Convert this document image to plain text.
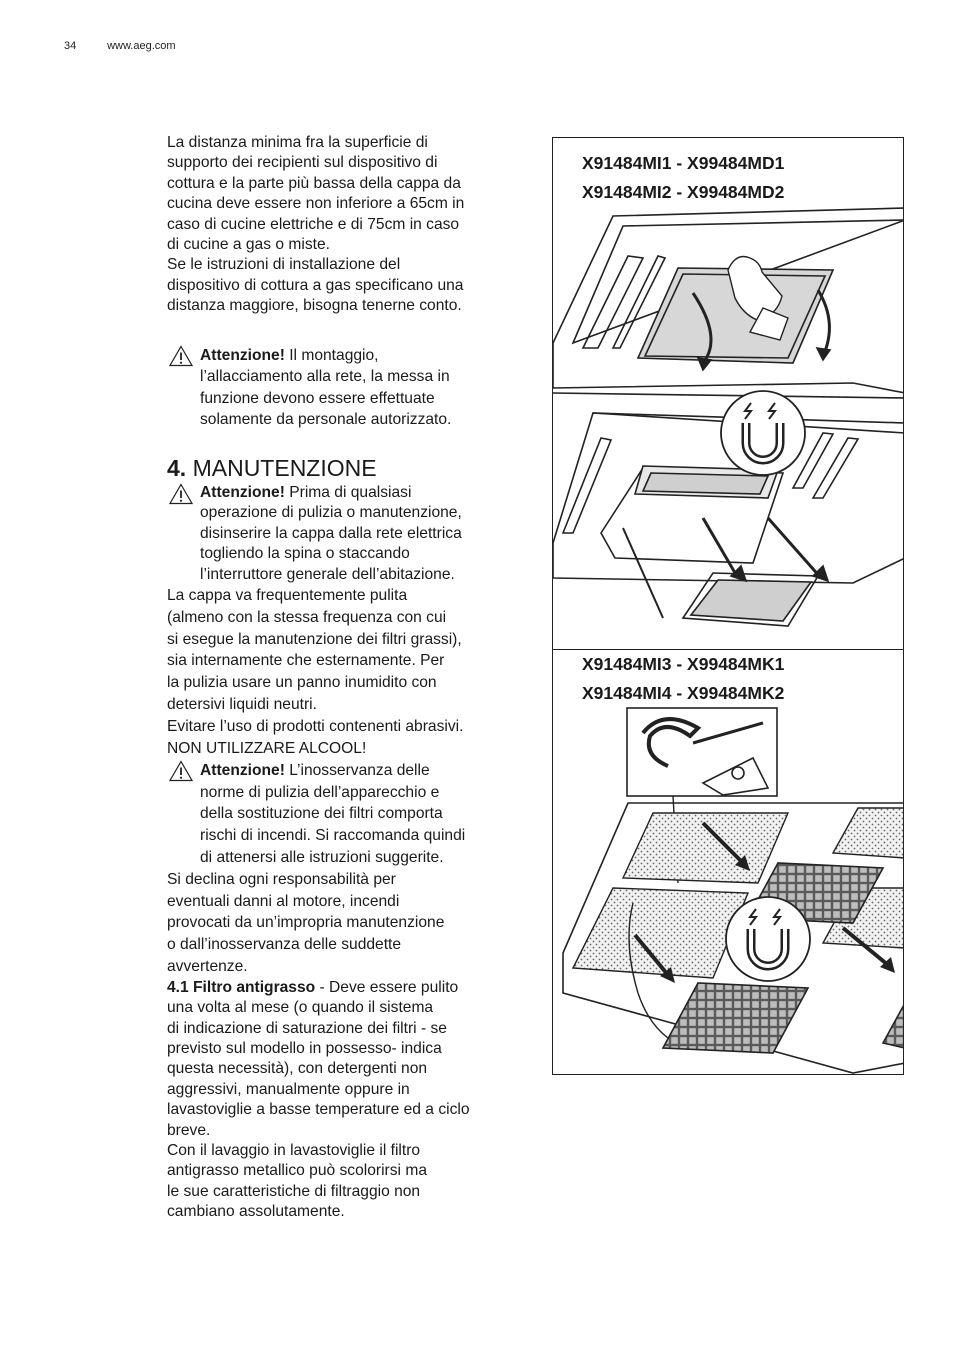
34	www.aeg.com

La distanza minima fra la superficie di
supporto dei recipienti sul dispositivo di
cottura e la parte più bassa della cappa da
cucina deve essere non inferiore a 65cm in
caso di cucine elettriche e di 75cm in caso
di cucine a gas o miste.

Se le istruzioni di installazione del
dispositivo di cottura a gas specificano una
distanza maggiore, bisogna tenerne conto.

Attenzione! Il montaggio,
l’allacciamento alla rete, la messa in
funzione devono essere effettuate
solamente da personale autorizzato.
4. MANUTENZIONE
Attenzione! Prima di qualsiasi
operazione di pulizia o manutenzione,
disinserire la cappa dalla rete elettrica
togliendo la spina o staccando
l’interruttore generale dell’abitazione.

La cappa va frequentemente pulita
(almeno con la stessa frequenza con cui
si esegue la manutenzione dei filtri grassi),
sia internamente che esternamente. Per
la pulizia usare un panno inumidito con
detersivi liquidi neutri.

Evitare l’uso di prodotti contenenti abrasivi.
NON UTILIZZARE ALCOOL!

Attenzione! L’inosservanza delle
norme di pulizia dell’apparecchio e
della sostituzione dei filtri comporta
rischi di incendi. Si raccomanda quindi
di attenersi alle istruzioni suggerite.

Si declina ogni responsabilità per
eventuali danni al motore, incendi
provocati da un’impropria manutenzione
o dall’inosservanza delle suddette
avvertenze.

4.1 Filtro antigrasso - Deve essere pulito
una volta al mese (o quando il sistema
di indicazione di saturazione dei filtri - se
previsto sul modello in possesso- indica
questa necessità), con detergenti non
aggressivi, manualmente oppure in
lavastoviglie a basse temperature ed a ciclo
breve.

Con il lavaggio in lavastoviglie il filtro
antigrasso metallico può scolorirsi ma
le sue caratteristiche di filtraggio non
cambiano assolutamente.

X91484MI1 - X99484MD1
X91484MI2 - X99484MD2
X91484MI3 - X99484MK1
X91484MI4 - X99484MK2
